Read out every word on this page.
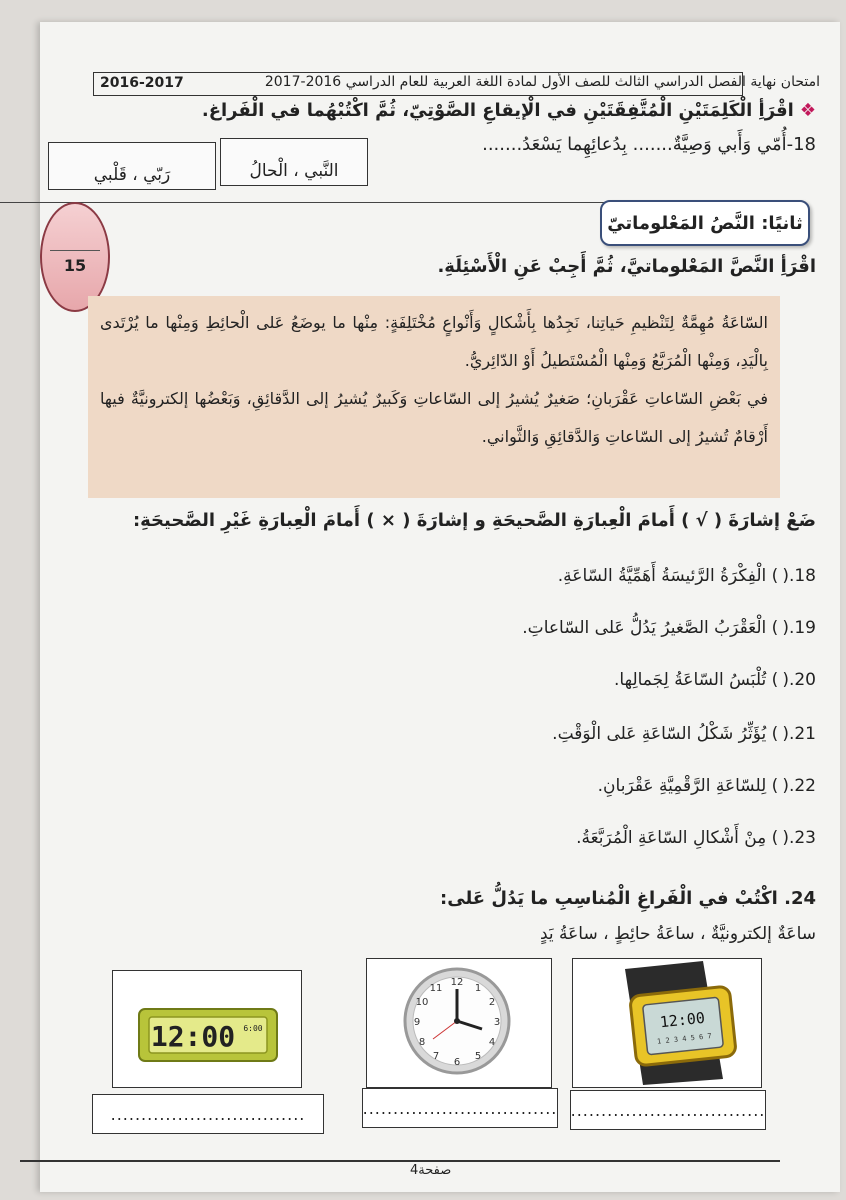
امتحان نهاية الفصل الدراسي الثالث للصف الأول لمادة اللغة العربية للعام الدراسي 2016-2017
2016-2017
❖اقْرَأِ الْكَلِمَتَيْنِ الْمُتَّفِقَتَيْنِ في الْإيقاعِ الصَّوْتِيّ، ثُمَّ اكْتُبْهُما في الْفَراغ.
18-أُمّي وَأَبي وَصِيَّةٌ....... بِدُعائِهِما يَسْعَدُ.......
النَّبي ، الْحالُ
رَبّي ، قَلْبي
ثانيًا: النَّصُ المَعْلوماتيّ
15	اقْرَأِ النَّصَّ المَعْلوماتيَّ، ثُمَّ أَجِبْ عَنِ الْأَسْئِلَةِ.

السّاعَةُ مُهِمَّةٌ لِتَنْظيمِ حَياتِنا، نَجِدُها بِأَشْكالٍ وَأَنْواعٍ مُخْتَلِفَةٍ: مِنْها ما يوضَعُ عَلى الْحائِطِ وَمِنْها ما يُرْتَدى بِالْيَدِ، وَمِنْها الْمُرَبَّعُ وَمِنْها الْمُسْتَطيلُ أَوْ الدّائِريُّ.

في بَعْضِ السّاعاتِ عَقْرَبانِ؛ صَغيرٌ يُشيرُ إلى السّاعاتِ وَكَبيرٌ يُشيرُ إلى الدَّقائِقِ، وَبَعْضُها إلكترونيَّةٌ فيها أَرْقامٌ تُشيرُ إلى السّاعاتِ وَالدَّقائِقِ وَالثَّواني.

ضَعْ إشارَةَ ( √ ) أَمامَ الْعِبارَةِ الصَّحيحَةِ و إشارَةَ ( × ) أَمامَ الْعِبارَةِ غَيْرِ الصَّحيحَةِ:
18.() الْفِكْرَةُ الرَّئيسَةُ أَهَمِّيَّةُ السّاعَةِ.
19.() الْعَقْرَبُ الصَّغيرُ يَدُلُّ عَلى السّاعاتِ.
20.() تُلْبَسُ السّاعَةُ لِجَمالِها.
21.() يُؤَثِّرُ شَكْلُ السّاعَةِ عَلى الْوَقْتِ.
22.() لِلسّاعَةِ الرَّقْمِيَّةِ عَقْرَبانِ.
23.() مِنْ أَشْكالِ السّاعَةِ الْمُرَبَّعَةُ.
24. اكْتُبْ في الْفَراغِ الْمُناسِبِ ما يَدُلُّ عَلى:
ساعَةٌ إلكترونيَّةٌ ، ساعَةُ حائِطٍ ، ساعَةُ يَدٍ
12:00 6:00
12
1
2
3
4
5
6
7
8
9
10
11
12:00
1 2 3 4 5 6 7
................................	................................ ................................
صفحة4
